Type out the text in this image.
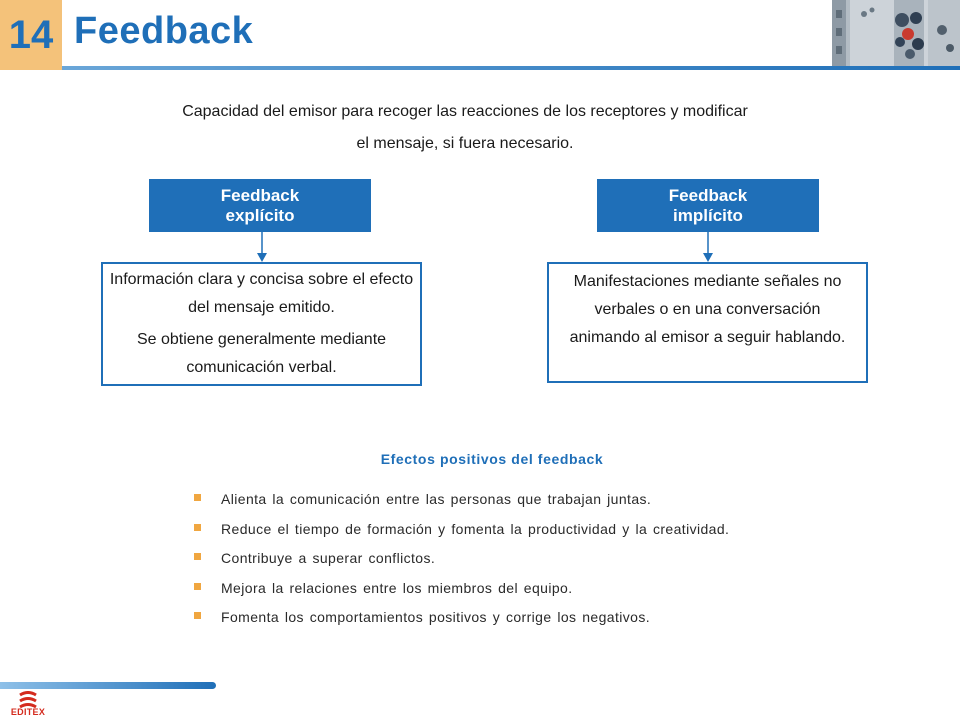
14 Feedback
Capacidad del emisor para recoger las reacciones de los receptores y modificar el mensaje, si fuera necesario.
Feedback explícito

Información clara y concisa sobre el efecto del mensaje emitido.

Se obtiene generalmente mediante comunicación verbal.

Feedback implícito

Manifestaciones mediante señales no verbales o en una conversación animando al emisor a seguir hablando.

Efectos positivos del feedback
Alienta la comunicación entre las personas que trabajan juntas.
Reduce el tiempo de formación y fomenta la productividad y la creatividad.
Contribuye a superar conflictos.
Mejora la relaciones entre los miembros del equipo.
Fomenta los comportamientos positivos y corrige los negativos.
EDITEX
